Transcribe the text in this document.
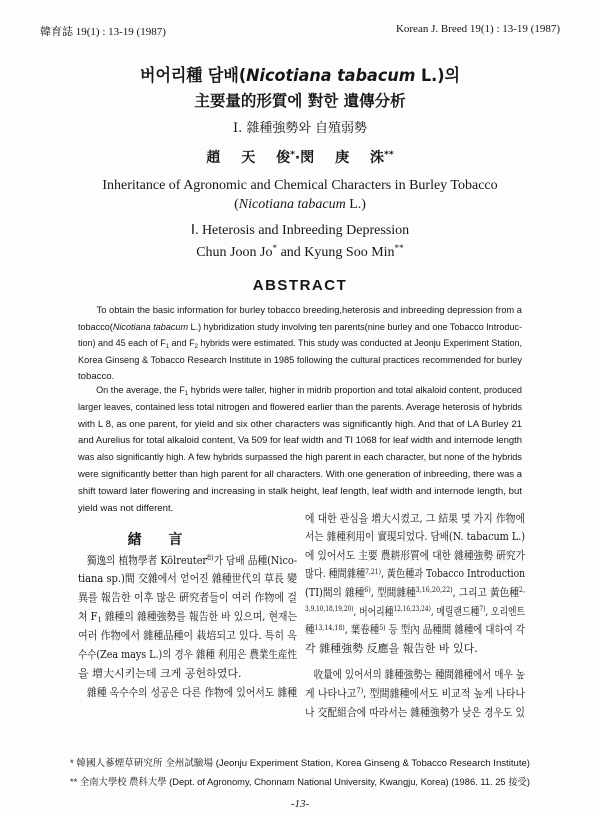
韓育誌 19(1) : 13-19 (1987)	Korean J. Breed 19(1) : 13-19 (1987)
버어리種 담배(Nicotiana tabacum L.)의
主要量的形質에 對한 遺傳分析
Ⅰ. 雜種強勢와 自殖弱勢
趙 天 俊*·閔 庚 洙**
Inheritance of Agronomic and Chemical Characters in Burley Tobacco
(Nicotiana tabacum L.)
Ⅰ. Heterosis and Inbreeding Depression
Chun Joon Jo* and Kyung Soo Min**
ABSTRACT
To obtain the basic information for burley tobacco breeding,heterosis and inbreeding depression from a
tobacco(Nicotiana tabacum L.) hybridization study involving ten parents(nine burley and one Tobacco Introduc-
tion) and 45 each of $F_1$ and $F_2$ hybrids were estimated. This study was conducted at Jeonju Experiment Station,
Korea Ginseng & Tobacco Research Institute in 1985 following the cultural practices recommended for burley
tobacco.
On the average, the $F_1$ hybrids were taller, higher in midrib proportion and total alkaloid content, produced
larger leaves, contained less total nitrogen and flowered earlier than the parents. Average heterosis of hybrids
with L 8, as one parent, for yield and six other characters was significantly high. And that of LA Burley 21
and Aurelius for total alkaloid content, Va 509 for leaf width and TI 1068 for leaf width and internode length
was also significantly high. A few hybrids surpassed the high parent in each character, but none of the hybrids
were significantly better than high parent for all characters. With one generation of inbreeding, there was a
shift toward later flowering and increasing in stalk height, leaf length, leaf width and internode length, but
yield was not different.
緖 言
獨逸의 植物學者 Kölreuter$^{8)}$가 담배 品種(Nico-
tiana sp.)間 交雜에서 얻어진 雜種世代의 草長 變
異를 報告한 이후 많은 硏究者들이 여러 作物에 걸
쳐 $F_1$ 雜種의 雜種強勢를 報告한 바 있으며, 현재는
여러 作物에서 雜種品種이 栽培되고 있다. 특히 옥
수수(Zea mays L.)의 경우 雜種 利用은 農業生産性
을 增大시키는데 크게 공헌하였다.
雜種 옥수수의 성공은 다른 作物에 있어서도 雜種
에 대한 관심을 增大시켰고, 그 結果 몇 가지 作物에
서는 雜種利用이 實現되었다. 담배(N. tabacum L.)
에 있어서도 主要 農耕形質에 대한 雜種強勢 硏究가
많다. 種間雜種$^{7,21)}$, 黃色種과 Tobacco Introduction
(TI)間의 雜種$^{6)}$, 型間雜種$^{3,16,20,22)}$, 그리고 黃色種$^{2,}$
$^{3,9,10,18,19,20)}$, 버어리種$^{12,16,23,24)}$, 메릴랜드種$^{7)}$, 오리엔트
種$^{13,14,18)}$, 葉卷種$^{5)}$ 등 型內 品種間 雜種에 대하여 각
각 雜種強勢 反應을 報告한 바 있다.
收量에 있어서의 雜種強勢는 種間雜種에서 매우 높
게 나타나고$^{7)}$, 型間雜種에서도 비교적 높게 나타나
나 交配組合에 따라서는 雜種強勢가 낮은 경우도 있
* 韓國人蔘煙草硏究所 全州試驗場 (Jeonju Experiment Station, Korea Ginseng & Tobacco Research Institute)
** 全南大學校 農科大學 (Dept. of Agronomy, Chonnam National University, Kwangju, Korea) (1986. 11. 25 接受)
-13-
